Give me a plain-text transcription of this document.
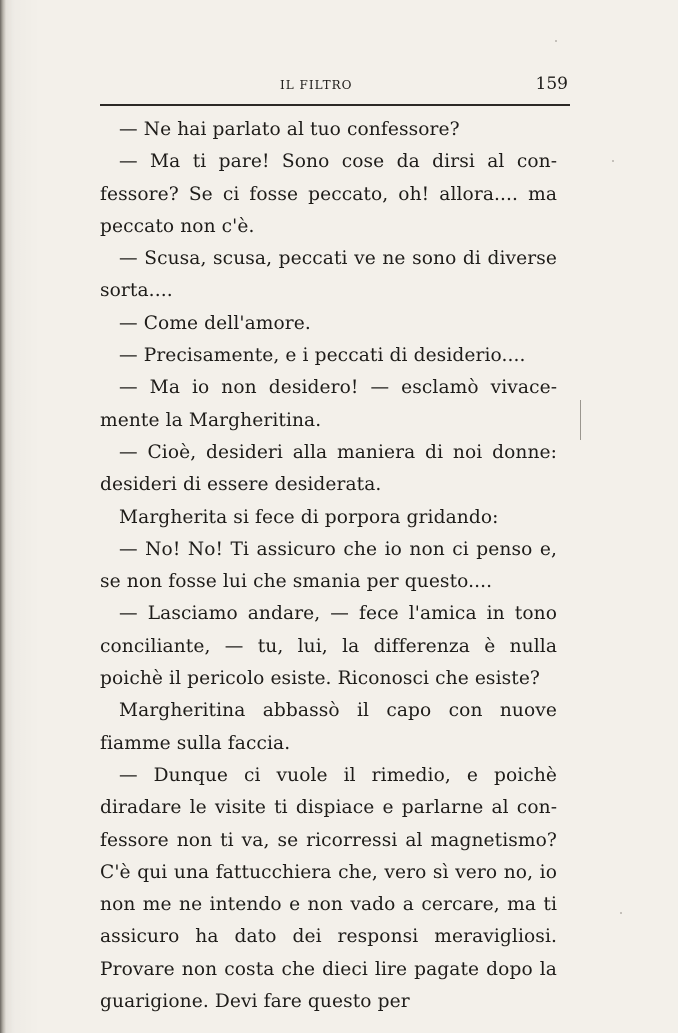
IL FILTRO	159

— Ne hai parlato al tuo confessore?

— Ma ti pare! Sono cose da dirsi al confessore? Se ci fosse peccato, oh! allora.... ma peccato non c'è.

— Scusa, scusa, peccati ve ne sono di diverse sorta....

— Come dell'amore.

— Precisamente, e i peccati di desiderio....

— Ma io non desidero! — esclamò vivacemente la Margheritina.

— Cioè, desideri alla maniera di noi donne: desideri di essere desiderata.

Margherita si fece di porpora gridando:

— No! No! Ti assicuro che io non ci penso e, se non fosse lui che smania per questo....

— Lasciamo andare, — fece l'amica in tono conciliante, — tu, lui, la differenza è nulla poichè il pericolo esiste. Riconosci che esiste?

Margheritina abbassò il capo con nuove fiamme sulla faccia.

— Dunque ci vuole il rimedio, e poichè diradare le visite ti dispiace e parlarne al confessore non ti va, se ricorressi al magnetismo? C'è qui una fattucchiera che, vero sì vero no, io non me ne intendo e non vado a cercare, ma ti assicuro ha dato dei responsi meravigliosi. Provare non costa che dieci lire pagate dopo la guarigione. Devi fare questo per
